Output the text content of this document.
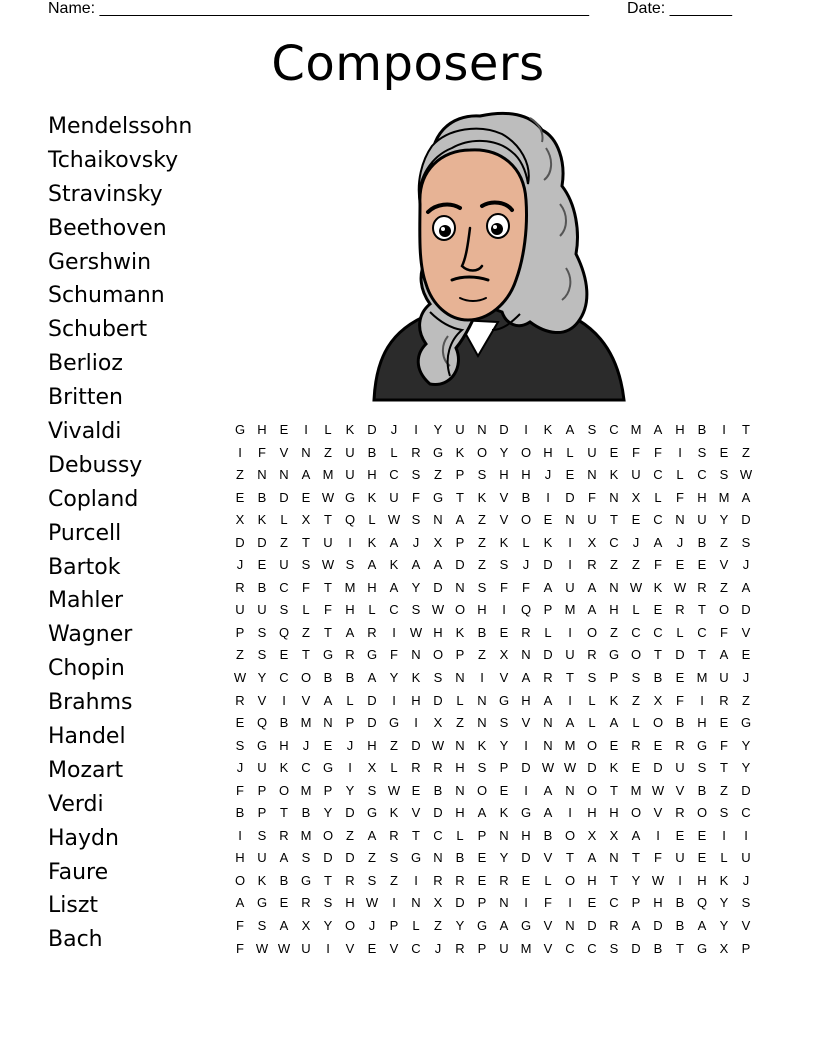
Name: _______________________________________________________ Date: _______
Composers
Mendelssohn
Tchaikovsky
Stravinsky
Beethoven
Gershwin
Schumann
Schubert
Berlioz
Britten
Vivaldi
Debussy
Copland
Purcell
Bartok
Mahler
Wagner
Chopin
Brahms
Handel
Mozart
Verdi
Haydn
Faure
Liszt
Bach
G H E	I	L	K D	J	I	Y U N D	I	K	A	S C M A H B	I	T
I	F	V N	Z	U B	L	R G K O Y O H	L	U E	F	F	I	S	E	Z
Z	N N A M U H C S	Z	P	S H H	J	E N K U C	L	C S W
E	B D E W G K U	F G T	K	V	B	I	D	F	N X	L	F	H M A
X	K	L	X	T Q	L W S N A	Z	V O E N U	T	E C N U Y D
D D	Z	T	U	I	K	A	J	X	P	Z	K	L	K	I	X C	J	A	J	B	Z	S
J	E U S W S	A	K	A	A D	Z	S	J	D	I	R	Z	Z	F	E	E	V	J
R B C	F	T M H A	Y D N S	F	F	A U A N W K W R	Z	A
U U S	L	F	H	L	C S W O H	I	Q P M A H	L	E R	T O D
P	S Q Z	T	A R	I	W H K	B	E R	L	I	O Z	C C	L	C	F	V
Z	S	E	T G R G F	N O P	Z	X N D U R G O T	D	T	A	E
W Y C O B	B	A	Y	K	S N	I	V	A R	T	S	P	S	B	E M U	J
R V	I	V	A	L	D	I	H D	L	N G H A	I	L	K	Z	X	F	I	R	Z
E Q B M N P D G	I	X	Z	N S	V N A	L	A	L	O B H E G
S G H	J	E	J	H	Z	D W N K	Y	I	N M O E R E R G F	Y
J	U K C G	I	X	L	R R H S	P D W W D K	E D U S	T	Y
F	P O M P	Y	S W E	B N O E	I	A N O T M W V	B	Z	D
B	P	T	B	Y D G K	V D H A	K G A	I	H H O V R O S C
I	S R M O Z	A R	T	C	L	P N H B O X	X	A	I	E	E	I	I
H U A	S D D	Z	S G N B	E	Y D V	T	A N	T	F	U E	L	U
O K	B G T	R S	Z	I	R R E R E	L	O H	T	Y W	I	H K	J
A G E R S H W	I	N X D P N	I	F	I	E C P H B Q Y	S
F	S	A	X	Y O	J	P	L	Z	Y G A G V N D R A D B	A	Y	V
F W W U	I	V	E	V C	J	R P U M V C C S D B	T G X	P
